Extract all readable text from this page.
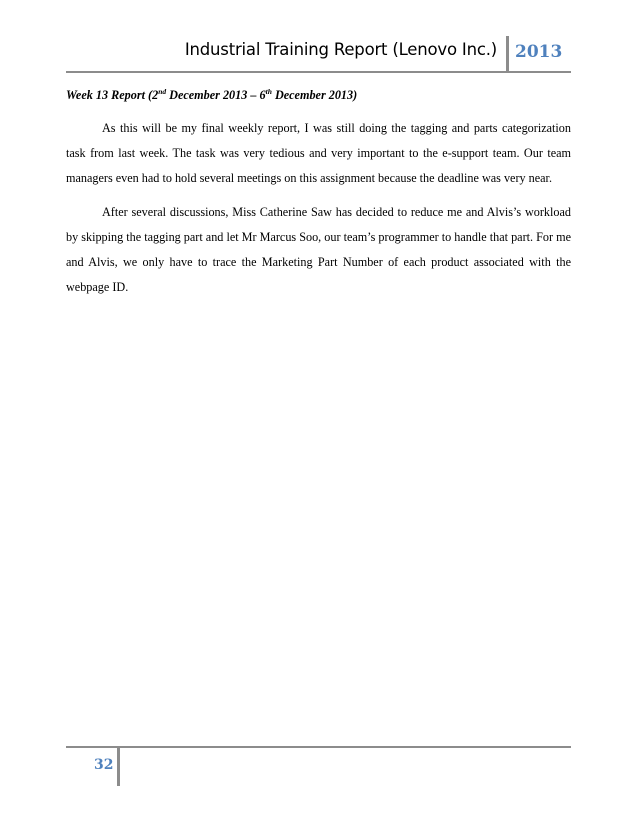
Industrial Training Report (Lenovo Inc.) 2013

Week 13 Report (2nd December 2013 – 6th December 2013)

As this will be my final weekly report, I was still doing the tagging and parts categorization task from last week. The task was very tedious and very important to the e-support team. Our team managers even had to hold several meetings on this assignment because the deadline was very near.

After several discussions, Miss Catherine Saw has decided to reduce me and Alvis’s workload by skipping the tagging part and let Mr Marcus Soo, our team’s programmer to handle that part. For me and Alvis, we only have to trace the Marketing Part Number of each product associated with the webpage ID.

32
